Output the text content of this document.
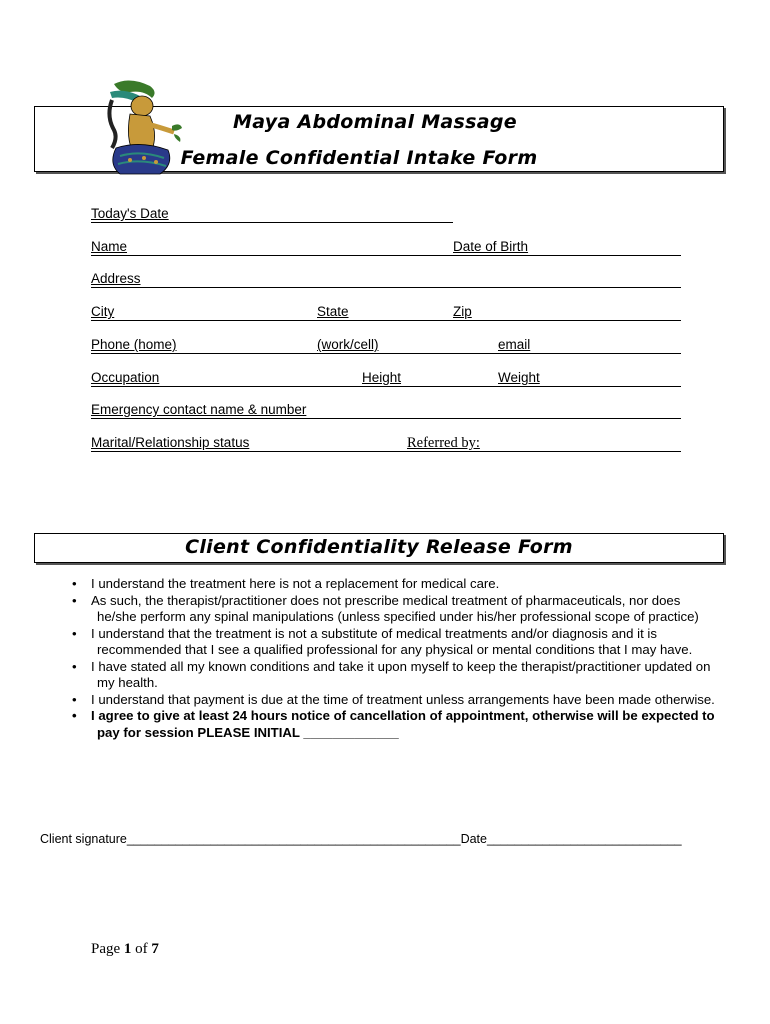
Maya Abdominal Massage
Female Confidential Intake Form
Today's Date
Name	Date of Birth
Address
City	State	Zip
Phone (home)	(work/cell)	email
Occupation	Height	Weight
Emergency contact name & number
Marital/Relationship status	Referred by:
Client Confidentiality Release Form
• I understand the treatment here is not a replacement for medical care.
• As such, the therapist/practitioner does not prescribe medical treatment of pharmaceuticals, nor does he/she perform any spinal manipulations (unless specified under his/her professional scope of practice)
• I understand that the treatment is not a substitute of medical treatments and/or diagnosis and it is recommended that I see a qualified professional for any physical or mental conditions that I may have.
• I have stated all my known conditions and take it upon myself to keep the therapist/practitioner updated on my health.
• I understand that payment is due at the time of treatment unless arrangements have been made otherwise.
• I agree to give at least 24 hours notice of cancellation of appointment, otherwise will be expected to pay for session PLEASE INITIAL _____________
Client signature________________________________________________Date____________________________
Page 1 of 7
